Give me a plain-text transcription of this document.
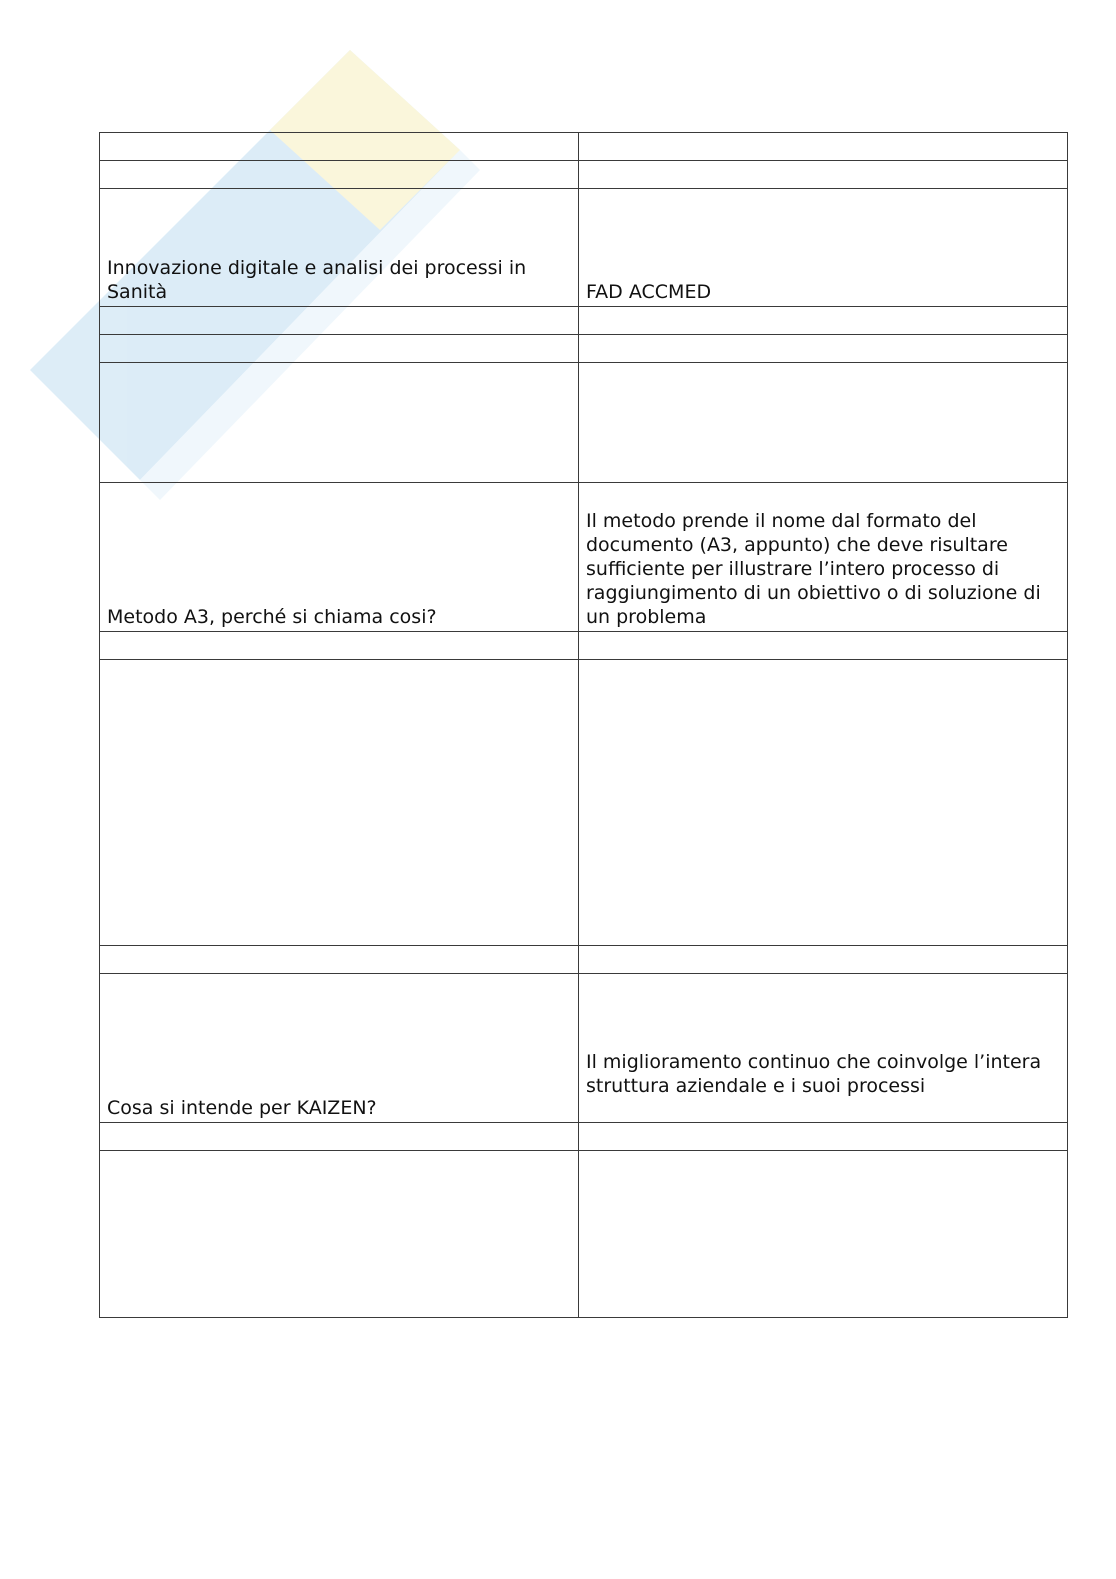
Innovazione digitale e analisi dei processi in Sanità	FAD ACCMED

Metodo A3, perché si chiama cosi?	Il metodo prende il nome dal formato del documento (A3, appunto) che deve risultare sufficiente per illustrare l’intero processo di raggiungimento di un obiettivo o di soluzione di un problema

Cosa si intende per KAIZEN?	Il miglioramento continuo che coinvolge l’intera struttura aziendale e i suoi processi
